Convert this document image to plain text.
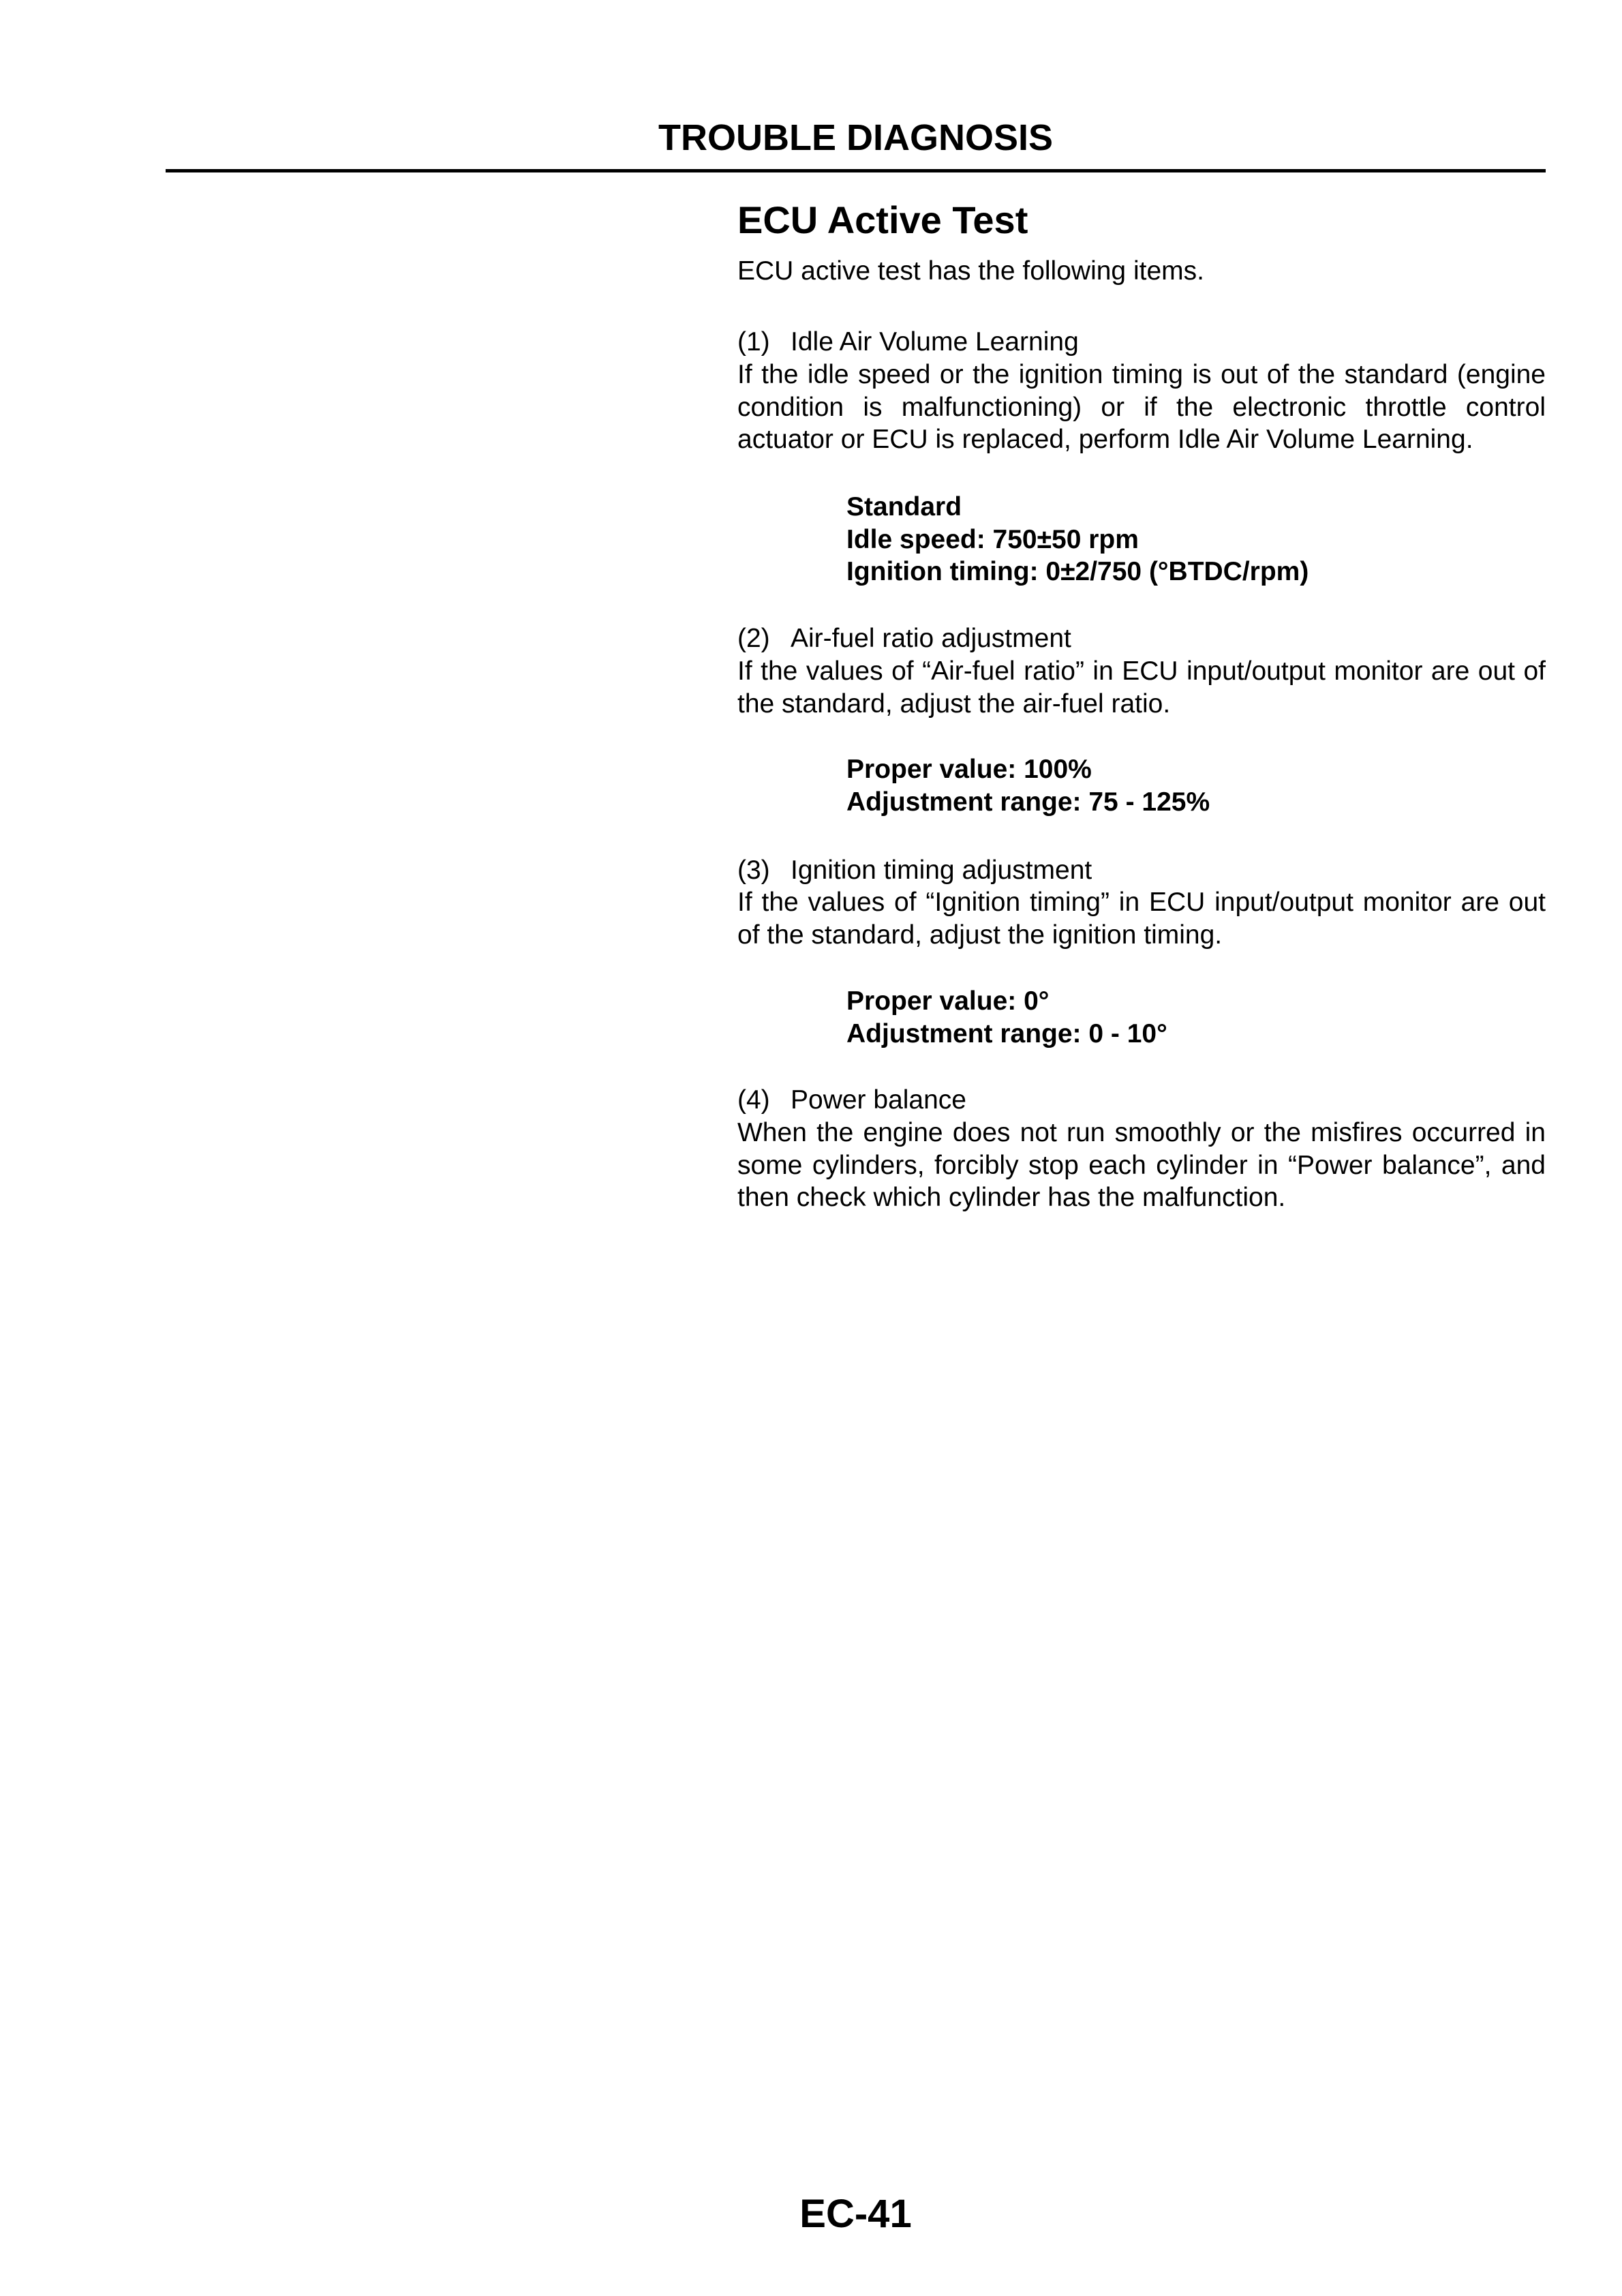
TROUBLE DIAGNOSIS
ECU Active Test
ECU active test has the following items.
(1) Idle Air Volume Learning
If the idle speed or the ignition timing is out of the standard (engine condition is malfunctioning) or if the electronic throttle control actuator or ECU is replaced, perform Idle Air Volume Learning.
Standard
Idle speed: 750±50 rpm
Ignition timing: 0±2/750 (°BTDC/rpm)
(2) Air-fuel ratio adjustment
If the values of “Air-fuel ratio” in ECU input/output monitor are out of the standard, adjust the air-fuel ratio.
Proper value: 100%
Adjustment range: 75 - 125%
(3) Ignition timing adjustment
If the values of “Ignition timing” in ECU input/output monitor are out of the standard, adjust the ignition timing.
Proper value: 0°
Adjustment range: 0 - 10°
(4) Power balance
When the engine does not run smoothly or the misfires occurred in some cylinders, forcibly stop each cylinder in “Power balance”, and then check which cylinder has the malfunction.
EC-41
